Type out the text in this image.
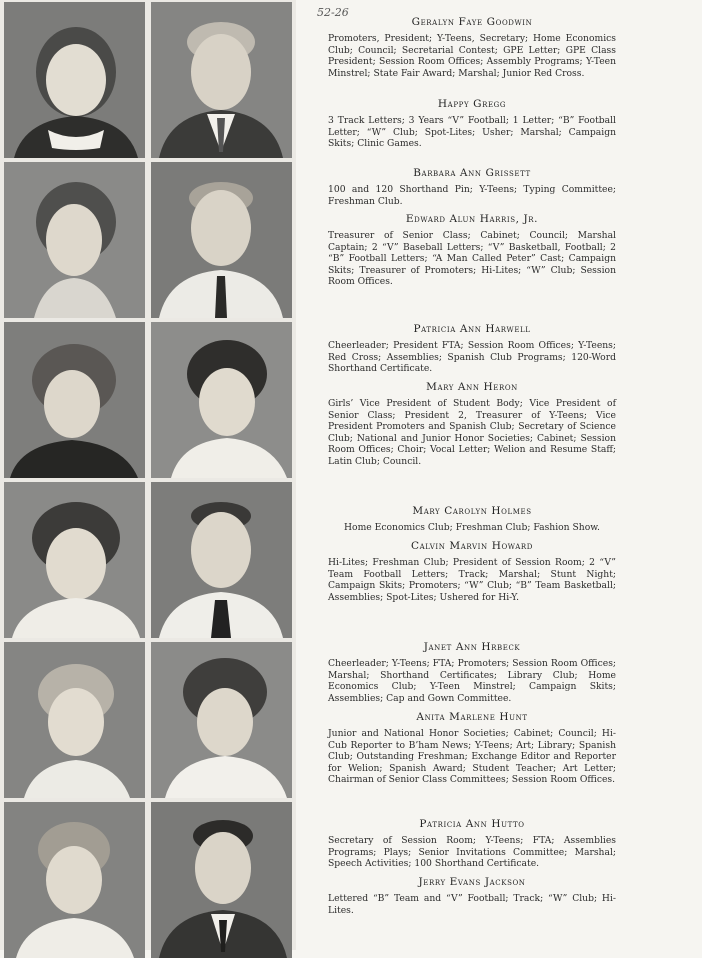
52-26
Geralyn Faye Goodwin
Promoters, President; Y-Teens, Secretary; Home Economics Club; Council; Secretarial Contest; GPE Letter; GPE Class President; Session Room Offices; Assembly Programs; Y-Teen Minstrel; State Fair Award; Marshal; Junior Red Cross.
Happy Gregg
3 Track Letters; 3 Years “V” Football; 1 Letter; “B” Football Letter; “W” Club; Spot-Lites; Usher; Marshal; Campaign Skits; Clinic Games.
Barbara Ann Grissett
100 and 120 Shorthand Pin; Y-Teens; Typing Committee; Freshman Club.
Edward Alun Harris, Jr.
Treasurer of Senior Class; Cabinet; Council; Marshal Captain; 2 “V” Baseball Letters; “V” Basketball, Football; 2 “B” Football Letters; “A Man Called Peter” Cast; Campaign Skits; Treasurer of Promoters; Hi-Lites; “W” Club; Session Room Offices.
Patricia Ann Harwell
Cheerleader; President FTA; Session Room Offices; Y-Teens; Red Cross; Assemblies; Spanish Club Programs; 120-Word Shorthand Certificate.
Mary Ann Heron
Girls’ Vice President of Student Body; Vice President of Senior Class; President 2, Treasurer of Y-Teens; Vice President Promoters and Spanish Club; Secretary of Science Club; National and Junior Honor Societies; Cabinet; Session Room Offices; Choir; Vocal Letter; Welion and Resume Staff; Latin Club; Council.
Mary Carolyn Holmes
Home Economics Club; Freshman Club; Fashion Show.
Calvin Marvin Howard
Hi-Lites; Freshman Club; President of Session Room; 2 “V” Team Football Letters; Track; Marshal; Stunt Night; Campaign Skits; Promoters; “W” Club; “B” Team Basketball; Assemblies; Spot-Lites; Ushered for Hi-Y.
Janet Ann Hrbeck
Cheerleader; Y-Teens; FTA; Promoters; Session Room Offices; Marshal; Shorthand Certificates; Library Club; Home Economics Club; Y-Teen Minstrel; Campaign Skits; Assemblies; Cap and Gown Committee.
Anita Marlene Hunt
Junior and National Honor Societies; Cabinet; Council; Hi-Cub Reporter to B’ham News; Y-Teens; Art; Library; Spanish Club; Outstanding Freshman; Exchange Editor and Reporter for Welion; Spanish Award; Student Teacher; Art Letter; Chairman of Senior Class Committees; Session Room Offices.
Patricia Ann Hutto
Secretary of Session Room; Y-Teens; FTA; Assemblies Programs; Plays; Senior Invitations Committee; Marshal; Speech Activities; 100 Shorthand Certificate.
Jerry Evans Jackson
Lettered “B” Team and “V” Football; Track; “W” Club; Hi-Lites.
